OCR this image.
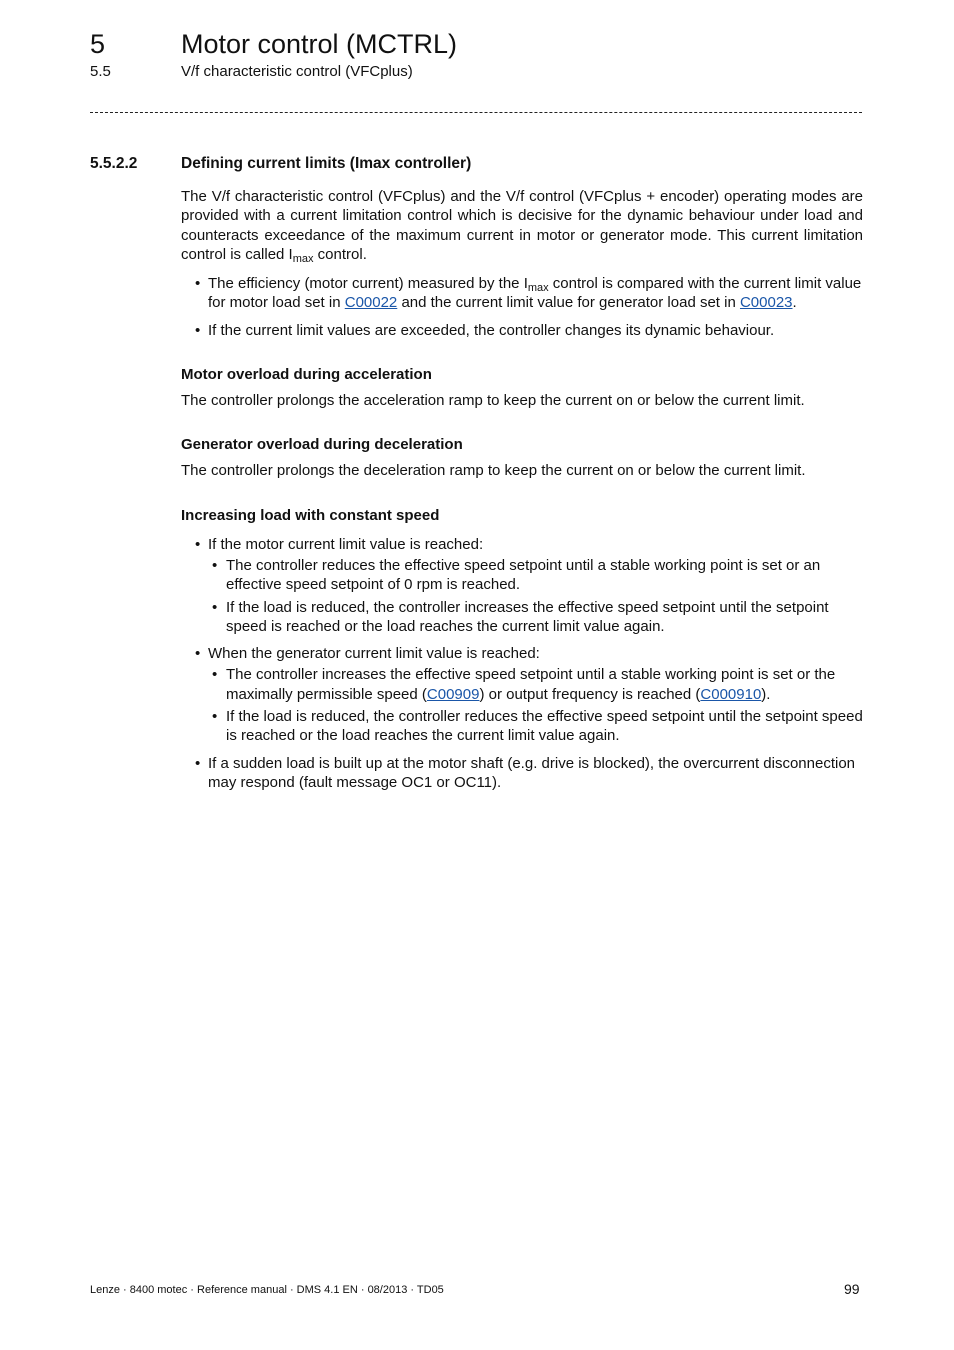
5	Motor control (MCTRL)
5.5	V/f characteristic control (VFCplus)
5.5.2.2	Defining current limits (Imax controller)

The V/f characteristic control (VFCplus) and the V/f control (VFCplus + encoder) operating modes are provided with a current limitation control which is decisive for the dynamic behaviour under load and counteracts exceedance of the maximum current in motor or generator mode. This current limitation control is called $I_{max}$ control.

• The efficiency (motor current) measured by the $I_{max}$ control is compared with the current limit value for motor load set in C00022 and the current limit value for generator load set in C00023.
• If the current limit values are exceeded, the controller changes its dynamic behaviour.
Motor overload during acceleration

The controller prolongs the acceleration ramp to keep the current on or below the current limit.

Generator overload during deceleration

The controller prolongs the deceleration ramp to keep the current on or below the current limit.

Increasing load with constant speed
• If the motor current limit value is reached:
• The controller reduces the effective speed setpoint until a stable working point is set or an effective speed setpoint of 0 rpm is reached.
• If the load is reduced, the controller increases the effective speed setpoint until the setpoint speed is reached or the load reaches the current limit value again.
• When the generator current limit value is reached:
• The controller increases the effective speed setpoint until a stable working point is set or the maximally permissible speed (C00909) or output frequency is reached (C000910).
• If the load is reduced, the controller reduces the effective speed setpoint until the setpoint speed is reached or the load reaches the current limit value again.
• If a sudden load is built up at the motor shaft (e.g. drive is blocked), the overcurrent disconnection may respond (fault message OC1 or OC11).
Lenze · 8400 motec · Reference manual · DMS 4.1 EN · 08/2013 · TD05	99
